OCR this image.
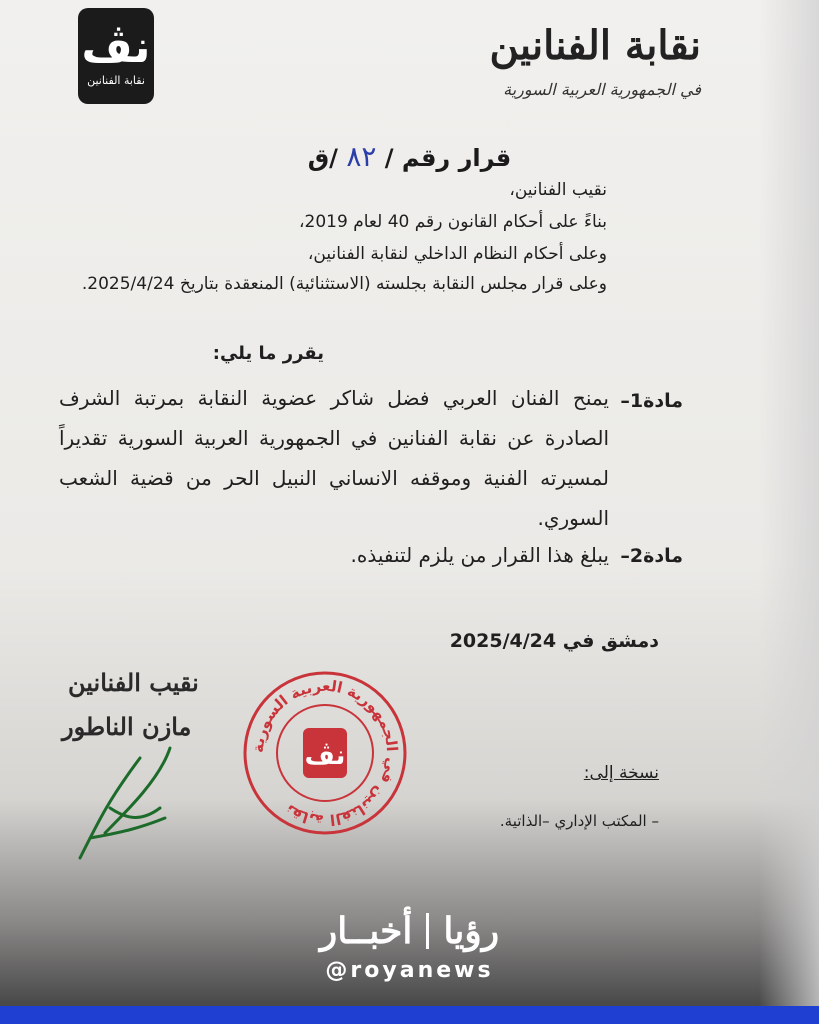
نڤ
نقابة الفنانين
نقابة الفنانين
في الجمهورية العربية السورية
قرار رقم / ٨٢ /ق
نقيب الفنانين،
بناءً على أحكام القانون رقم 40 لعام 2019،
وعلى أحكام النظام الداخلي لنقابة الفنانين،
وعلى قرار مجلس النقابة بجلسته (الاستثنائية) المنعقدة بتاريخ 2025/4/24.
يقرر ما يلي:
مادة1–
يمنح الفنان العربي فضل شاكر عضوية النقابة بمرتبة الشرف الصادرة عن نقابة الفنانين في الجمهورية العربية السورية تقديراً لمسيرته الفنية وموقفه الانساني النبيل الحر من قضية الشعب السوري.
مادة2–
يبلغ هذا القرار من يلزم لتنفيذه.
دمشق في 2025/4/24
نقيب الفنانين
مازن الناطور
نقابة الفنانين في الجمهورية العربية السورية
نڤ
نسخة إلى:
– المكتب الإداري –الذاتية.
رؤيا
أخبــار
@royanews
